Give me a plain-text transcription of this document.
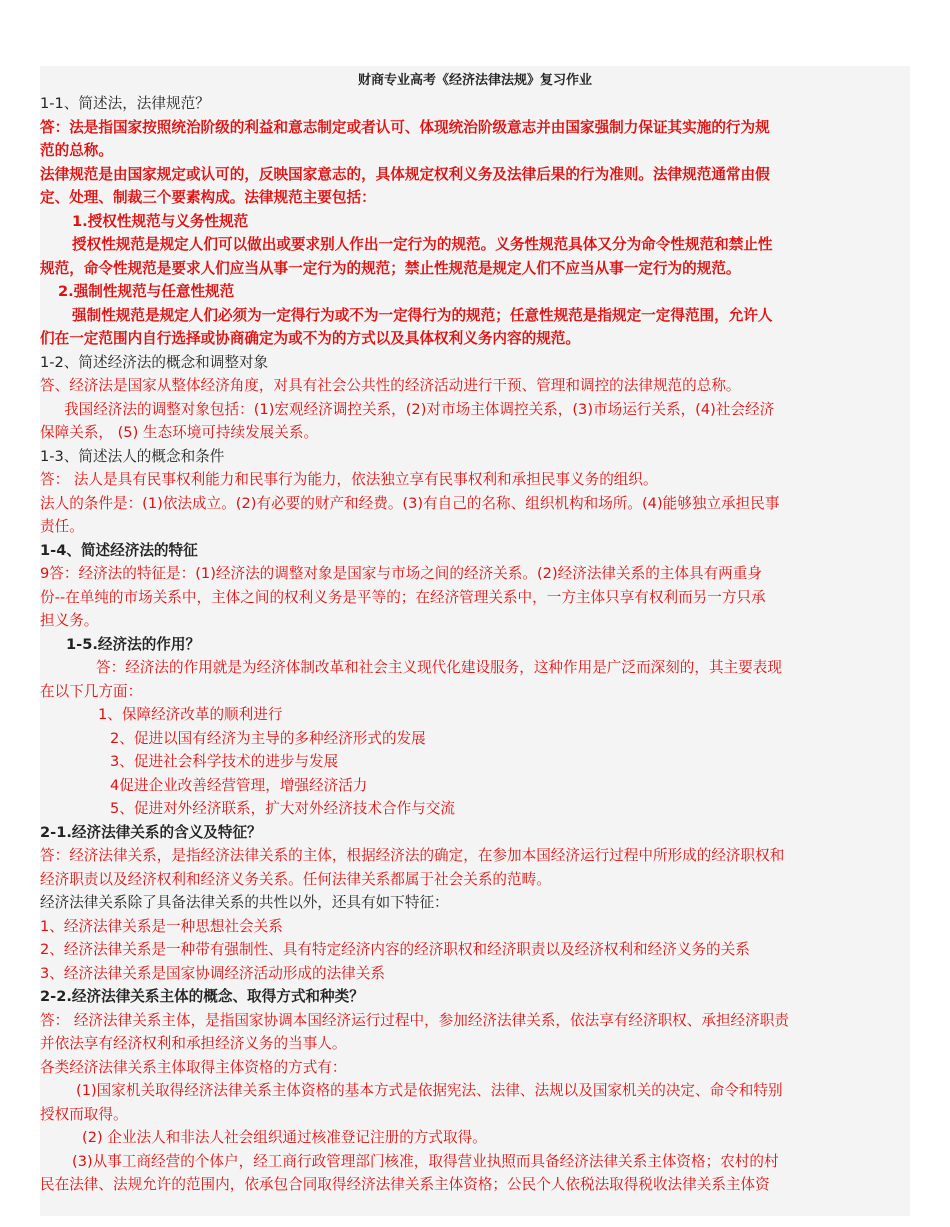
财商专业高考《经济法律法规》复习作业
1-1、简述法，法律规范？
答：法是指国家按照统治阶级的利益和意志制定或者认可、体现统治阶级意志并由国家强制力保证其实施的行为规
范的总称。
法律规范是由国家规定或认可的，反映国家意志的，具体规定权利义务及法律后果的行为准则。法律规范通常由假
定、处理、制裁三个要素构成。法律规范主要包括：
1.授权性规范与义务性规范
授权性规范是规定人们可以做出或要求别人作出一定行为的规范。义务性规范具体又分为命令性规范和禁止性
规范，命令性规范是要求人们应当从事一定行为的规范；禁止性规范是规定人们不应当从事一定行为的规范。
2.强制性规范与任意性规范
强制性规范是规定人们必须为一定得行为或不为一定得行为的规范；任意性规范是指规定一定得范围，允许人
们在一定范围内自行选择或协商确定为或不为的方式以及具体权利义务内容的规范。
1-2、简述经济法的概念和调整对象
答、经济法是国家从整体经济角度，对具有社会公共性的经济活动进行干预、管理和调控的法律规范的总称。
我国经济法的调整对象包括：(1)宏观经济调控关系，(2)对市场主体调控关系，(3)市场运行关系，(4)社会经济
保障关系， (5) 生态环境可持续发展关系。
1-3、简述法人的概念和条件
答： 法人是具有民事权利能力和民事行为能力，依法独立享有民事权利和承担民事义务的组织。
法人的条件是：(1)依法成立。(2)有必要的财产和经费。(3)有自己的名称、组织机构和场所。(4)能够独立承担民事
责任。
1-4、简述经济法的特征
9答：经济法的特征是：(1)经济法的调整对象是国家与市场之间的经济关系。(2)经济法律关系的主体具有两重身
份--在单纯的市场关系中，主体之间的权利义务是平等的；在经济管理关系中，一方主体只享有权利而另一方只承
担义务。
1-5.经济法的作用？
答：经济法的作用就是为经济体制改革和社会主义现代化建设服务，这种作用是广泛而深刻的，其主要表现
在以下几方面：
1、保障经济改革的顺利进行
2、促进以国有经济为主导的多种经济形式的发展
3、促进社会科学技术的进步与发展
4促进企业改善经营管理，增强经济活力
5、促进对外经济联系，扩大对外经济技术合作与交流
2-1.经济法律关系的含义及特征？
答：经济法律关系，是指经济法律关系的主体，根据经济法的确定，在参加本国经济运行过程中所形成的经济职权和
经济职责以及经济权利和经济义务关系。任何法律关系都属于社会关系的范畴。
经济法律关系除了具备法律关系的共性以外，还具有如下特征：
1、经济法律关系是一种思想社会关系
2、经济法律关系是一种带有强制性、具有特定经济内容的经济职权和经济职责以及经济权利和经济义务的关系
3、经济法律关系是国家协调经济活动形成的法律关系
2-2.经济法律关系主体的概念、取得方式和种类？
答： 经济法律关系主体，是指国家协调本国经济运行过程中，参加经济法律关系，依法享有经济职权、承担经济职责
并依法享有经济权利和承担经济义务的当事人。
各类经济法律关系主体取得主体资格的方式有：
(1)国家机关取得经济法律关系主体资格的基本方式是依据宪法、法律、法规以及国家机关的决定、命令和特别
授权而取得。
(2) 企业法人和非法人社会组织通过核准登记注册的方式取得。
(3)从事工商经营的个体户，经工商行政管理部门核准，取得营业执照而具备经济法律关系主体资格；农村的村
民在法律、法规允许的范围内，依承包合同取得经济法律关系主体资格；公民个人依税法取得税收法律关系主体资
